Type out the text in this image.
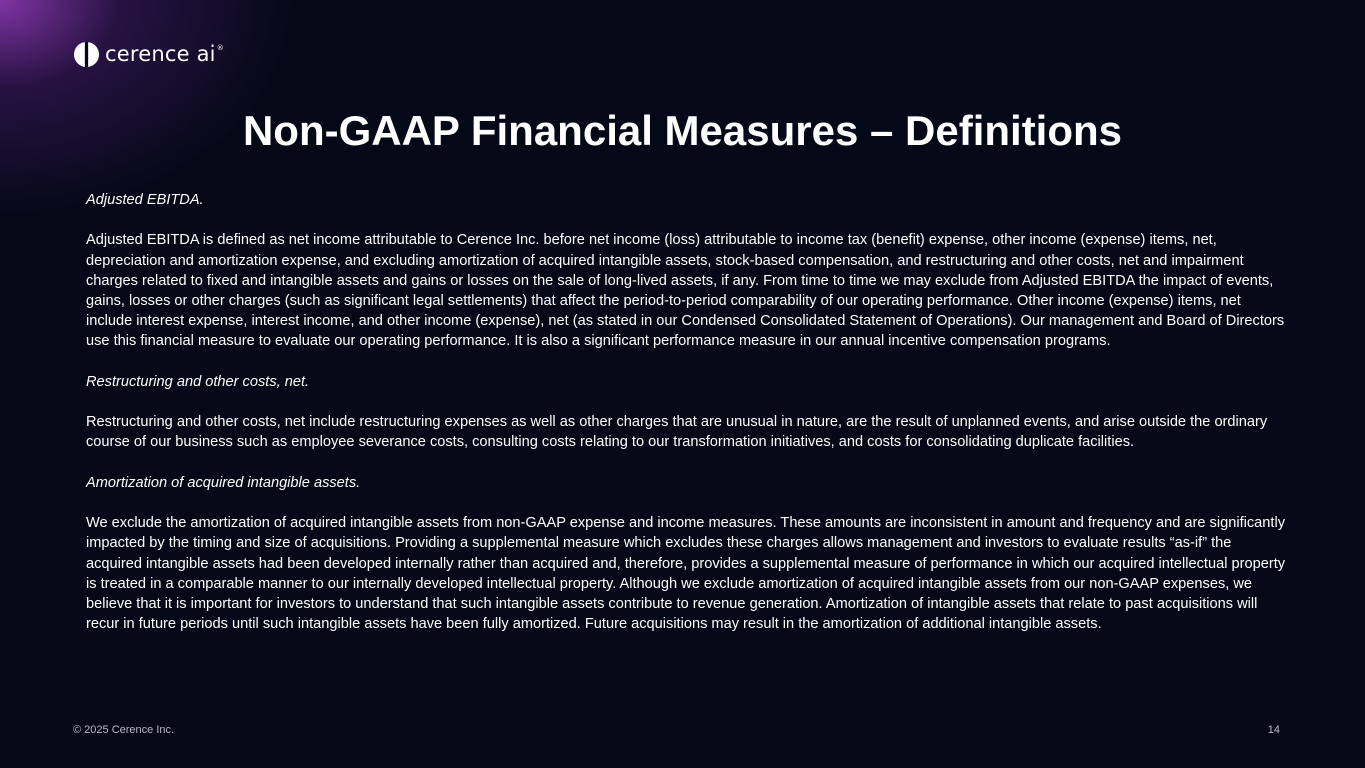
cerence ai®
Non-GAAP Financial Measures – Definitions

Adjusted EBITDA.

Adjusted EBITDA is defined as net income attributable to Cerence Inc. before net income (loss) attributable to income tax (benefit) expense, other income (expense) items, net, depreciation and amortization expense, and excluding amortization of acquired intangible assets, stock-based compensation, and restructuring and other costs, net and impairment charges related to fixed and intangible assets and gains or losses on the sale of long-lived assets, if any. From time to time we may exclude from Adjusted EBITDA the impact of events, gains, losses or other charges (such as significant legal settlements) that affect the period-to-period comparability of our operating performance. Other income (expense) items, net include interest expense, interest income, and other income (expense), net (as stated in our Condensed Consolidated Statement of Operations). Our management and Board of Directors use this financial measure to evaluate our operating performance. It is also a significant performance measure in our annual incentive compensation programs.

Restructuring and other costs, net.

Restructuring and other costs, net include restructuring expenses as well as other charges that are unusual in nature, are the result of unplanned events, and arise outside the ordinary course of our business such as employee severance costs, consulting costs relating to our transformation initiatives, and costs for consolidating duplicate facilities.

Amortization of acquired intangible assets.

We exclude the amortization of acquired intangible assets from non-GAAP expense and income measures. These amounts are inconsistent in amount and frequency and are significantly impacted by the timing and size of acquisitions. Providing a supplemental measure which excludes these charges allows management and investors to evaluate results “as-if” the acquired intangible assets had been developed internally rather than acquired and, therefore, provides a supplemental measure of performance in which our acquired intellectual property is treated in a comparable manner to our internally developed intellectual property. Although we exclude amortization of acquired intangible assets from our non-GAAP expenses, we believe that it is important for investors to understand that such intangible assets contribute to revenue generation. Amortization of intangible assets that relate to past acquisitions will recur in future periods until such intangible assets have been fully amortized. Future acquisitions may result in the amortization of additional intangible assets.

© 2025 Cerence Inc.	14
